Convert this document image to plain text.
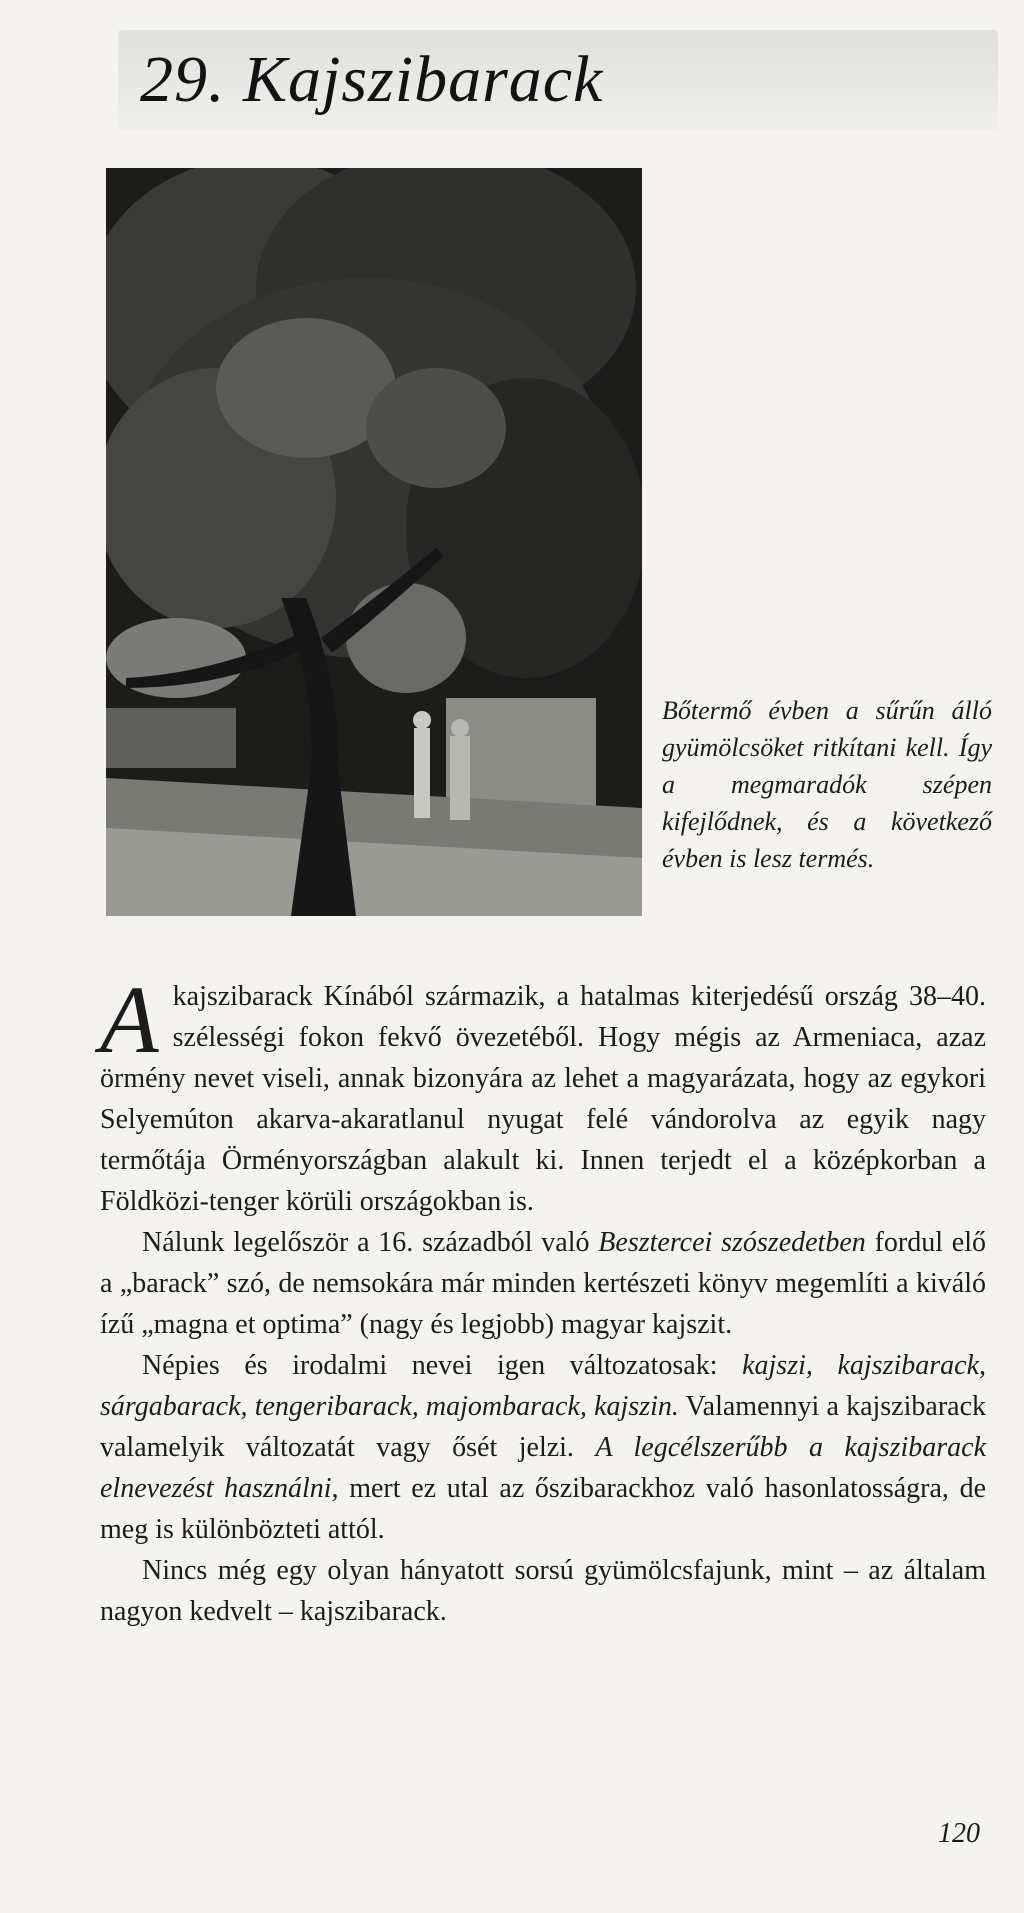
29. Kajszibarack

Bőtermő évben a sűrűn álló gyümölcsöket ritkítani kell. Így a megmaradók szépen kifejlődnek, és a következő évben is lesz termés.

Akajszibarack Kínából származik, a hatalmas kiterjedésű ország 38–40. szélességi fokon fekvő övezetéből. Hogy mégis az Armeniaca, azaz örmény nevet viseli, annak bizonyára az lehet a magyarázata, hogy az egykori Selyemúton akarva-akaratlanul nyugat felé vándorolva az egyik nagy termőtája Örményországban alakult ki. Innen terjedt el a középkorban a Földközi-tenger körüli országokban is.

Nálunk legelőször a 16. századból való Besztercei szószedetben fordul elő a „barack” szó, de nemsokára már minden kertészeti könyv megemlíti a kiváló ízű „magna et optima” (nagy és legjobb) magyar kajszit.

Népies és irodalmi nevei igen változatosak: kajszi, kajszibarack, sárgabarack, tengeribarack, majombarack, kajszin. Valamennyi a kajszibarack valamelyik változatát vagy ősét jelzi. A legcélszerűbb a kajszibarack elnevezést használni, mert ez utal az őszibarackhoz való hasonlatosságra, de meg is különbözteti attól.

Nincs még egy olyan hányatott sorsú gyümölcsfajunk, mint – az általam nagyon kedvelt – kajszibarack.

120
